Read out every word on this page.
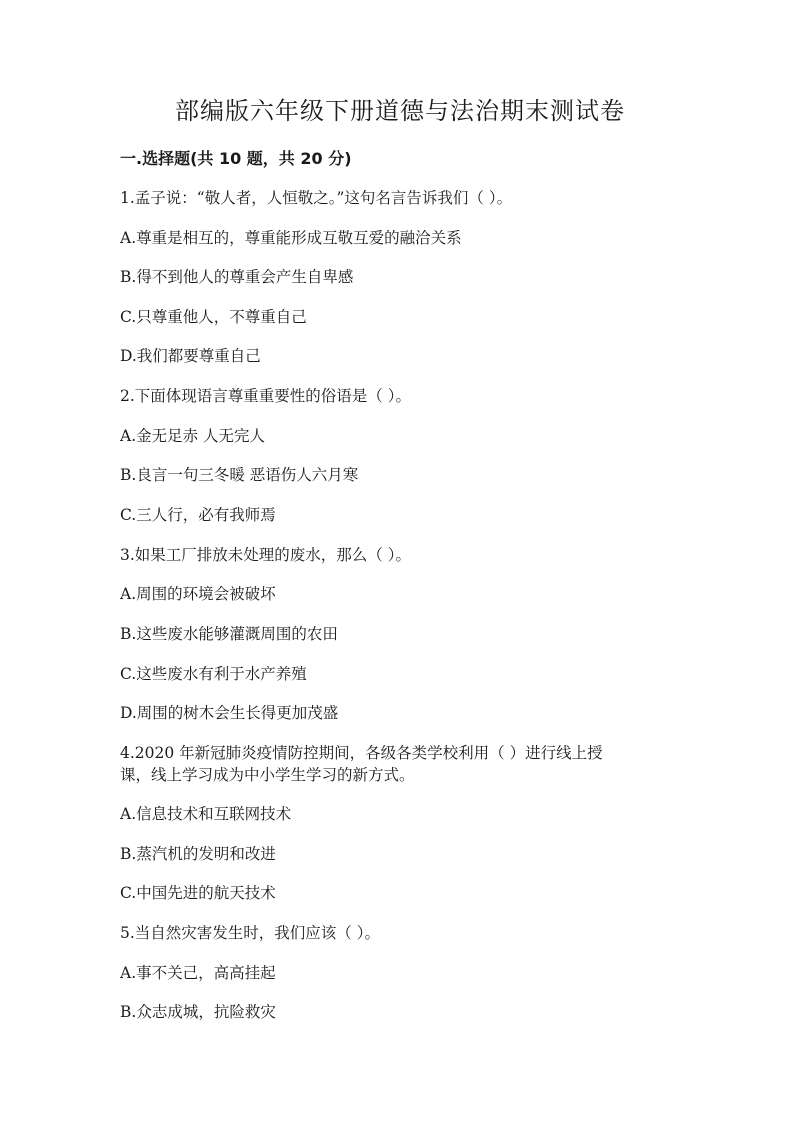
部编版六年级下册道德与法治期末测试卷
一.选择题(共 10 题，共 20 分)
1.孟子说：“敬人者，人恒敬之。”这句名言告诉我们（ ）。
A.尊重是相互的，尊重能形成互敬互爱的融洽关系
B.得不到他人的尊重会产生自卑感
C.只尊重他人，不尊重自己
D.我们都要尊重自己
2.下面体现语言尊重重要性的俗语是（ ）。
A.金无足赤 人无完人
B.良言一句三冬暖 恶语伤人六月寒
C.三人行，必有我师焉
3.如果工厂排放未处理的废水，那么（ ）。
A.周围的环境会被破坏
B.这些废水能够灌溉周围的农田
C.这些废水有利于水产养殖
D.周围的树木会生长得更加茂盛
4.2020 年新冠肺炎疫情防控期间，各级各类学校利用（ ）进行线上授
课，线上学习成为中小学生学习的新方式。
A.信息技术和互联网技术
B.蒸汽机的发明和改进
C.中国先进的航天技术
5.当自然灾害发生时，我们应该（ ）。
A.事不关己，高高挂起
B.众志成城，抗险救灾
